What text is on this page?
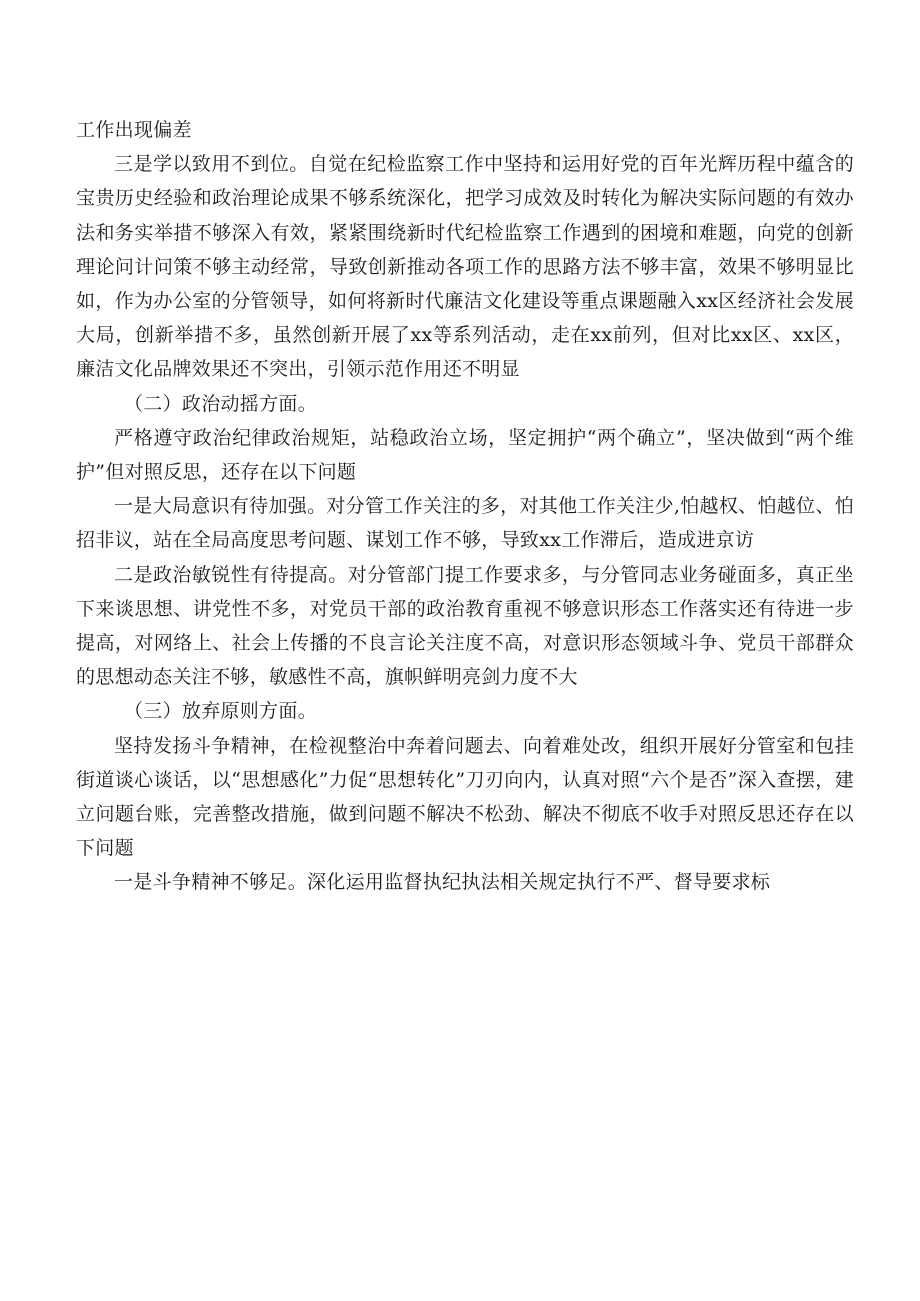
工作出现偏差

三是学以致用不到位。自觉在纪检监察工作中坚持和运用好党的百年光辉历程中蕴含的宝贵历史经验和政治理论成果不够系统深化，把学习成效及时转化为解决实际问题的有效办法和务实举措不够深入有效，紧紧围绕新时代纪检监察工作遇到的困境和难题，向党的创新理论问计问策不够主动经常，导致创新推动各项工作的思路方法不够丰富，效果不够明显比如，作为办公室的分管领导，如何将新时代廉洁文化建设等重点课题融入xx区经济社会发展大局，创新举措不多，虽然创新开展了xx等系列活动，走在xx前列，但对比xx区、xx区，廉洁文化品牌效果还不突出，引领示范作用还不明显

（二）政治动摇方面。

严格遵守政治纪律政治规矩，站稳政治立场，坚定拥护“两个确立”，坚决做到“两个维护”但对照反思，还存在以下问题

一是大局意识有待加强。对分管工作关注的多，对其他工作关注少,怕越权、怕越位、怕招非议，站在全局高度思考问题、谋划工作不够，导致xx工作滞后，造成进京访

二是政治敏锐性有待提高。对分管部门提工作要求多，与分管同志业务碰面多，真正坐下来谈思想、讲党性不多，对党员干部的政治教育重视不够意识形态工作落实还有待进一步提高，对网络上、社会上传播的不良言论关注度不高，对意识形态领域斗争、党员干部群众的思想动态关注不够，敏感性不高，旗帜鲜明亮剑力度不大

（三）放弃原则方面。

坚持发扬斗争精神，在检视整治中奔着问题去、向着难处改，组织开展好分管室和包挂街道谈心谈话，以“思想感化”力促“思想转化”刀刃向内，认真对照“六个是否”深入查摆，建立问题台账，完善整改措施，做到问题不解决不松劲、解决不彻底不收手对照反思还存在以下问题

一是斗争精神不够足。深化运用监督执纪执法相关规定执行不严、督导要求标
